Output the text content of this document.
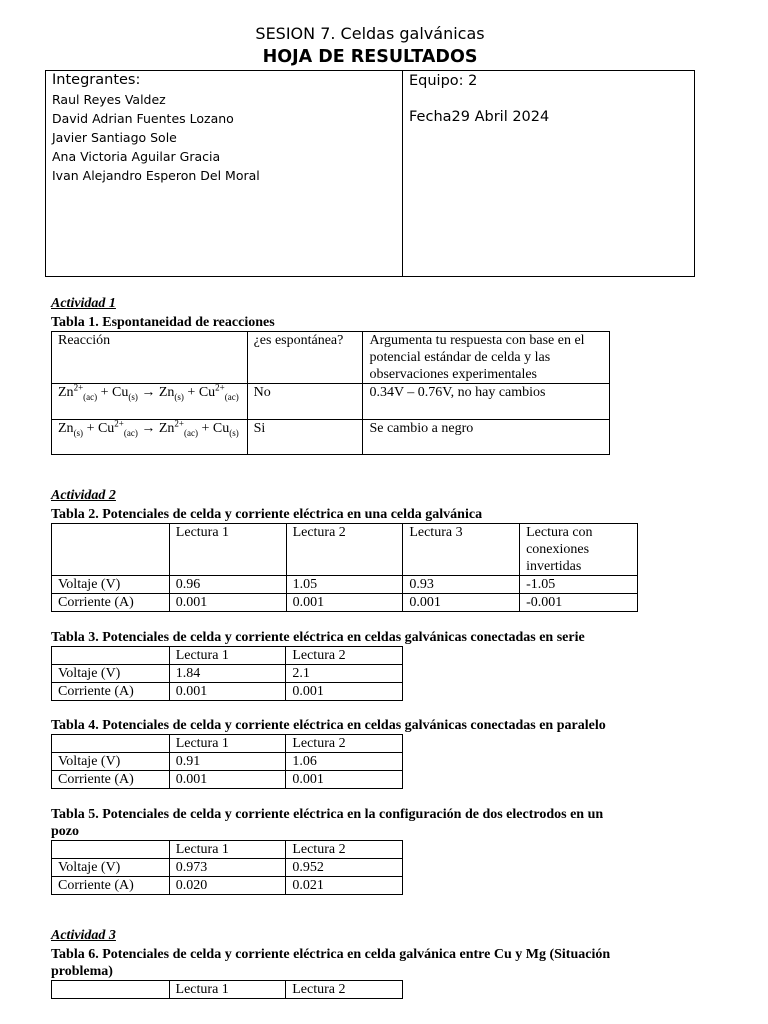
SESION 7. Celdas galvánicas
HOJA DE RESULTADOS
Integrantes:
Raul Reyes Valdez
David Adrian Fuentes Lozano
Javier Santiago Sole
Ana Victoria Aguilar Gracia
Ivan Alejandro Esperon Del Moral
Equipo: 2
Fecha29 Abril 2024
Actividad 1
Tabla 1. Espontaneidad de reacciones
Reacción	¿es espontánea?	Argumenta tu respuesta con base en el potencial estándar de celda y las observaciones experimentales
$Zn^{2+}_{(ac)} + Cu_{(s)} \to Zn_{(s)} + Cu^{2+}_{(ac)}$	No	0.34V – 0.76V, no hay cambios
$Zn_{(s)} + Cu^{2+}_{(ac)} \to Zn^{2+}_{(ac)} + Cu_{(s)}$	Si	Se cambio a negro
Actividad 2
Tabla 2. Potenciales de celda y corriente eléctrica en una celda galvánica
	Lectura 1	Lectura 2	Lectura 3	Lectura con conexiones invertidas
Voltaje (V)	0.96	1.05	0.93	-1.05
Corriente (A)	0.001	0.001	0.001	-0.001
Tabla 3. Potenciales de celda y corriente eléctrica en celdas galvánicas conectadas en serie
	Lectura 1	Lectura 2
Voltaje (V)	1.84	2.1
Corriente (A)	0.001	0.001
Tabla 4. Potenciales de celda y corriente eléctrica en celdas galvánicas conectadas en paralelo
	Lectura 1	Lectura 2
Voltaje (V)	0.91	1.06
Corriente (A)	0.001	0.001
Tabla 5. Potenciales de celda y corriente eléctrica en la configuración de dos electrodos en un
pozo
	Lectura 1	Lectura 2
Voltaje (V)	0.973	0.952
Corriente (A)	0.020	0.021
Actividad 3
Tabla 6. Potenciales de celda y corriente eléctrica en celda galvánica entre Cu y Mg (Situación
problema)
	Lectura 1	Lectura 2
